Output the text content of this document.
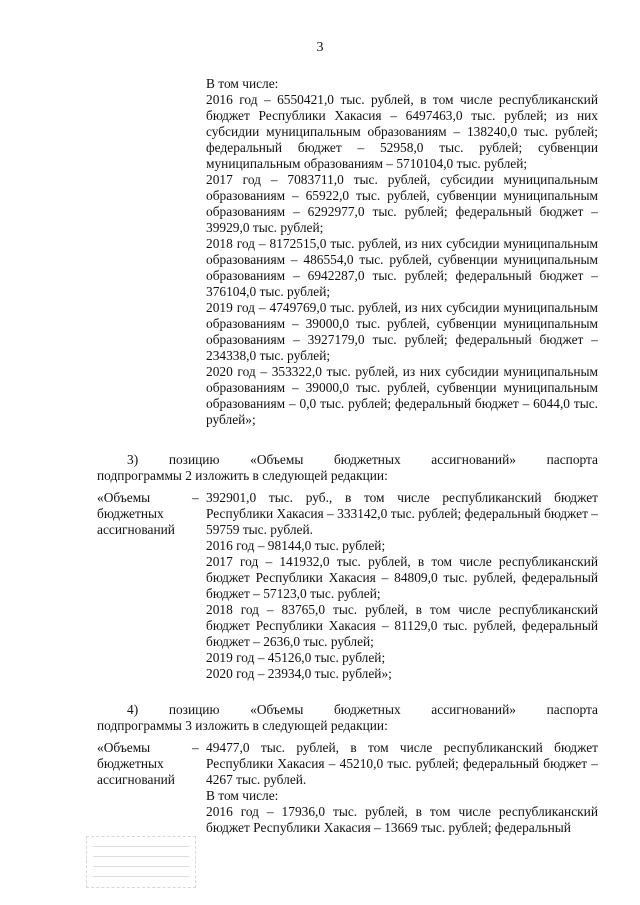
3

В том числе:

2016 год – 6550421,0 тыс. рублей, в том числе республиканский бюджет Республики Хакасия – 6497463,0 тыс. рублей; из них субсидии муниципальным образованиям – 138240,0 тыс. рублей; федеральный бюджет – 52958,0 тыс. рублей; субвенции муниципальным образованиям – 5710104,0 тыс. рублей;

2017 год – 7083711,0 тыс. рублей, субсидии муниципальным образованиям – 65922,0 тыс. рублей, субвенции муниципальным образованиям – 6292977,0 тыс. рублей; федеральный бюджет – 39929,0 тыс. рублей;

2018 год – 8172515,0 тыс. рублей, из них субсидии муниципальным образованиям – 486554,0 тыс. рублей, субвенции муниципальным образованиям – 6942287,0 тыс. рублей; федеральный бюджет – 376104,0 тыс. рублей;

2019 год – 4749769,0 тыс. рублей, из них субсидии муниципальным образованиям – 39000,0 тыс. рублей, субвенции муниципальным образованиям – 3927179,0 тыс. рублей; федеральный бюджет – 234338,0 тыс. рублей;

2020 год – 353322,0 тыс. рублей, из них субсидии муниципальным образованиям – 39000,0 тыс. рублей, субвенции муниципальным образованиям – 0,0 тыс. рублей; федеральный бюджет – 6044,0 тыс. рублей»;

3) позицию «Объемы бюджетных ассигнований» паспорта

подпрограммы 2 изложить в следующей редакции:

«Объемы
бюджетных
ассигнований
– 392901,0 тыс. руб., в том числе республиканский бюджет Республики Хакасия – 333142,0 тыс. рублей; федеральный бюджет – 59759 тыс. рублей.

2016 год – 98144,0 тыс. рублей;

2017 год – 141932,0 тыс. рублей, в том числе республиканский бюджет Республики Хакасия – 84809,0 тыс. рублей, федеральный бюджет – 57123,0 тыс. рублей;

2018 год – 83765,0 тыс. рублей, в том числе республиканский бюджет Республики Хакасия – 81129,0 тыс. рублей, федеральный бюджет – 2636,0 тыс. рублей;

2019 год – 45126,0 тыс. рублей;

2020 год – 23934,0 тыс. рублей»;

4) позицию «Объемы бюджетных ассигнований» паспорта

подпрограммы 3 изложить в следующей редакции:

«Объемы
бюджетных
ассигнований
– 49477,0 тыс. рублей, в том числе республиканский бюджет Республики Хакасия – 45210,0 тыс. рублей; федеральный бюджет – 4267 тыс. рублей.

В том числе:

2016 год – 17936,0 тыс. рублей, в том числе республиканский бюджет Республики Хакасия – 13669 тыс. рублей; федеральный
